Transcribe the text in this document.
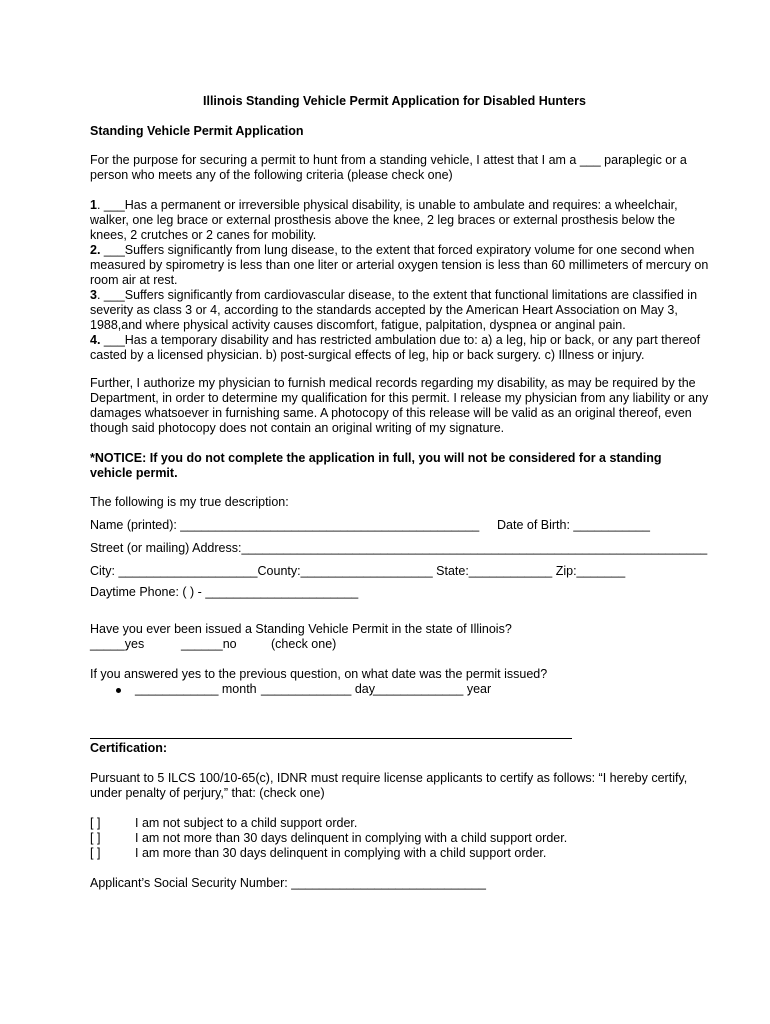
Illinois Standing Vehicle Permit Application for Disabled Hunters
Standing Vehicle Permit Application

For the purpose for securing a permit to hunt from a standing vehicle, I attest that I am a ___ paraplegic or a person who meets any of the following criteria (please check one)

1. ___Has a permanent or irreversible physical disability, is unable to ambulate and requires: a wheelchair, walker, one leg brace or external prosthesis above the knee, 2 leg braces or external prosthesis below the knees, 2 crutches or 2 canes for mobility.

2. ___Suffers significantly from lung disease, to the extent that forced expiratory volume for one second when measured by spirometry is less than one liter or arterial oxygen tension is less than 60 millimeters of mercury on room air at rest.

3. ___Suffers significantly from cardiovascular disease, to the extent that functional limitations are classified in severity as class 3 or 4, according to the standards accepted by the American Heart Association on May 3, 1988,and where physical activity causes discomfort, fatigue, palpitation, dyspnea or anginal pain.

4. ___Has a temporary disability and has restricted ambulation due to: a) a leg, hip or back, or any part thereof casted by a licensed physician. b) post-surgical effects of leg, hip or back surgery. c) Illness or injury.

Further, I authorize my physician to furnish medical records regarding my disability, as may be required by the Department, in order to determine my qualification for this permit. I release my physician from any liability or any damages whatsoever in furnishing same. A photocopy of this release will be valid as an original thereof, even though said photocopy does not contain an original writing of my signature.

*NOTICE: If you do not complete the application in full, you will not be considered for a standing vehicle permit.

The following is my true description:
Name (printed): ___________________________________________ Date of Birth: ___________
Street (or mailing) Address:___________________________________________________________________
City: ____________________County:___________________ State:____________ Zip:_______
Daytime Phone: ( ) - ______________________
Have you ever been issued a Standing Vehicle Permit in the state of Illinois?
_____yes	______no	(check one)
If you answered yes to the previous question, on what date was the permit issued?
____________ month _____________ day
_____________ year
Certification:

Pursuant to 5 ILCS 100/10-65(c), IDNR must require license applicants to certify as follows: “I hereby certify, under penalty of perjury,” that: (check one)

[ ]	I am not subject to a child support order.
[ ]	I am not more than 30 days delinquent in complying with a child support order.
[ ]	I am more than 30 days delinquent in complying with a child support order.
Applicant’s Social Security Number: ____________________________
